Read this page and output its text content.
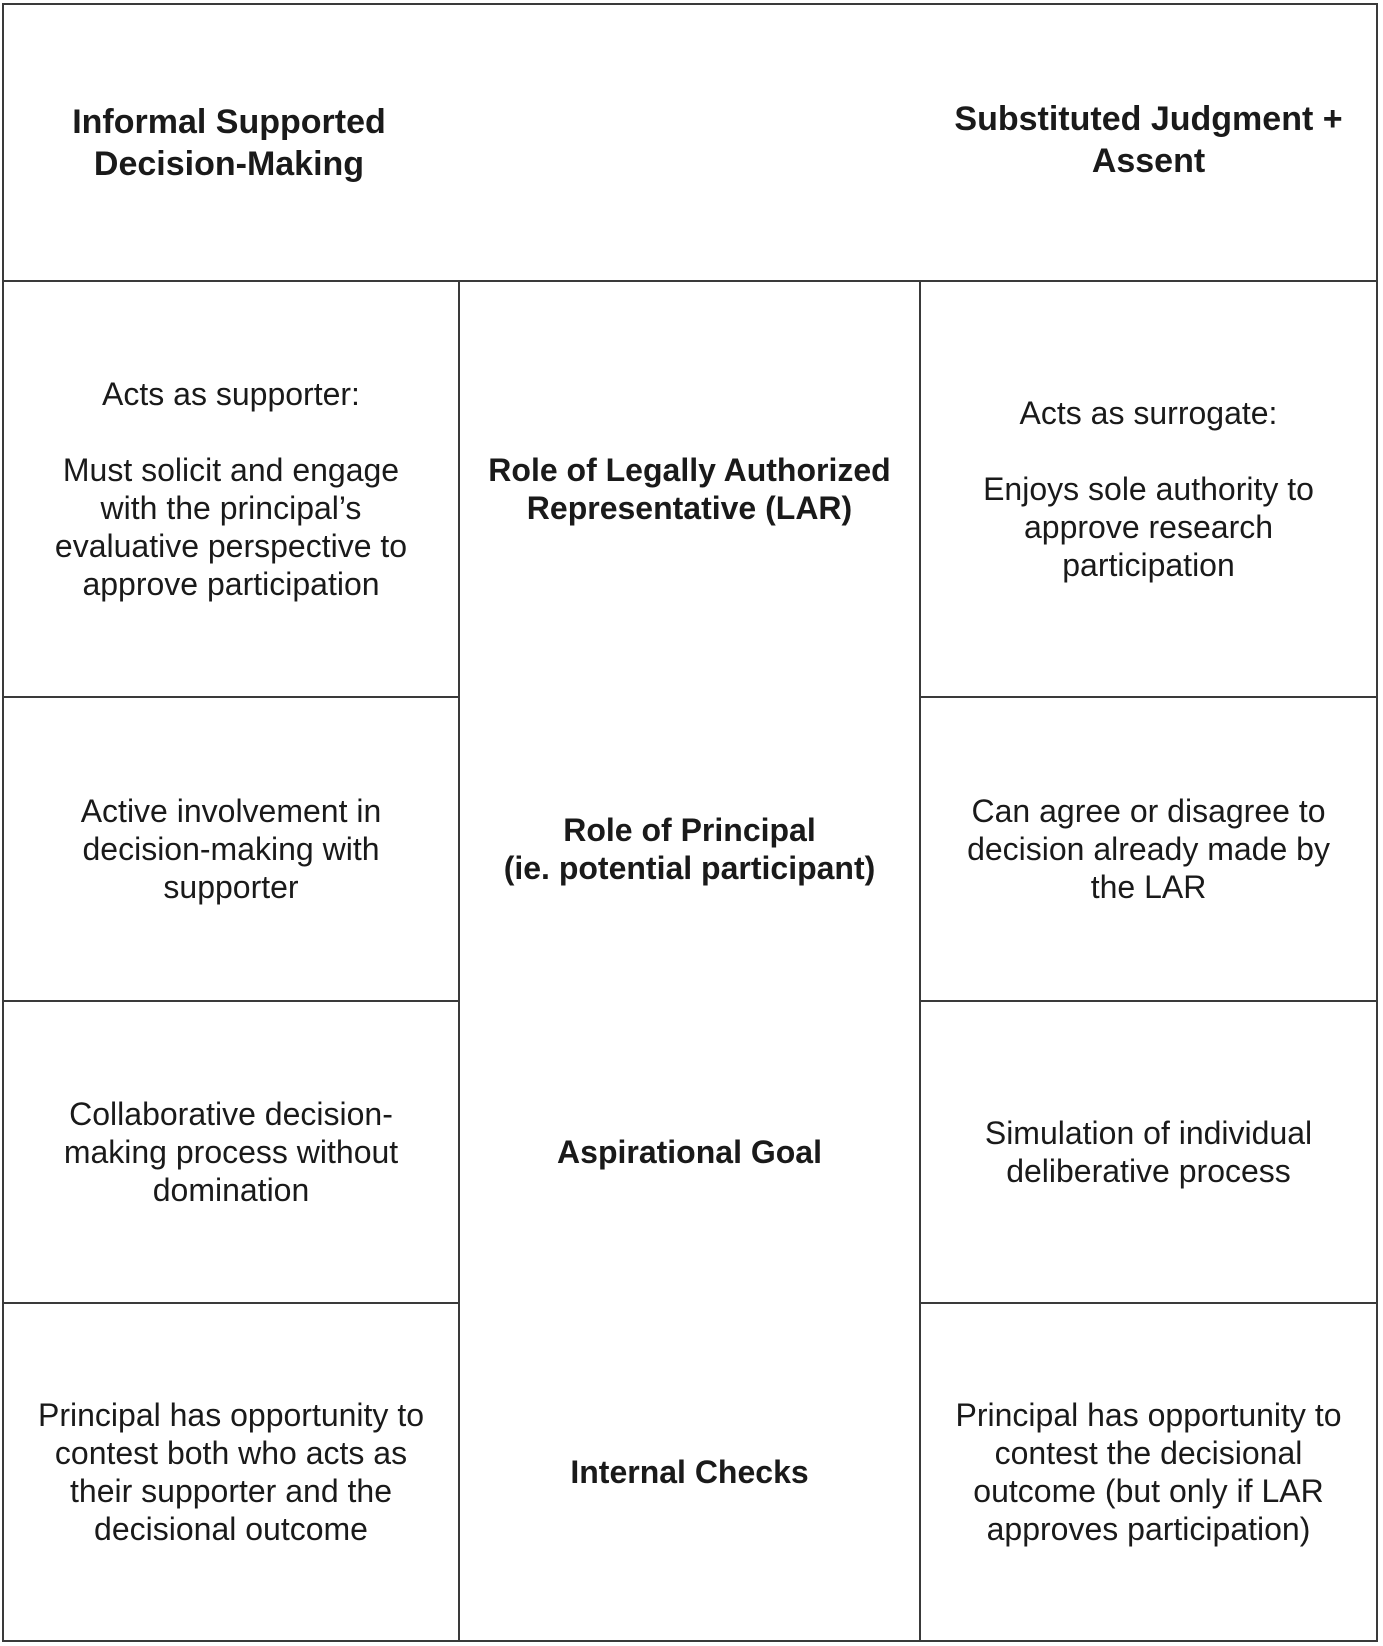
Informal Supported
Decision-Making
Substituted Judgment +
Assent
Acts as supporter:

Must solicit and engage
with the principal’s
evaluative perspective to
approve participation
Role of Legally Authorized
Representative (LAR)
Acts as surrogate:

Enjoys sole authority to
approve research
participation
Active involvement in
decision-making with
supporter
Role of Principal
(ie. potential participant)
Can agree or disagree to
decision already made by
the LAR
Collaborative decision-
making process without
domination
Aspirational Goal
Simulation of individual
deliberative process
Principal has opportunity to
contest both who acts as
their supporter and the
decisional outcome
Internal Checks
Principal has opportunity to
contest the decisional
outcome (but only if LAR
approves participation)
